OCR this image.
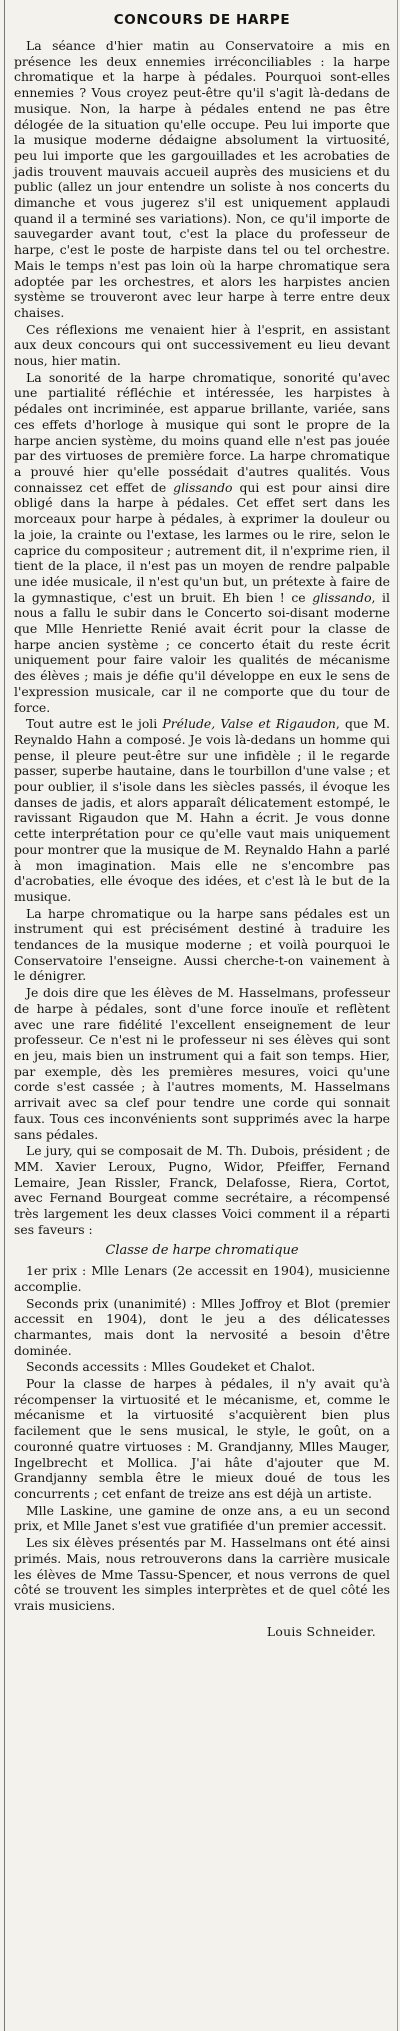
CONCOURS DE HARPE

La séance d'hier matin au Conservatoire a mis en présence les deux ennemies irréconciliables : la harpe chromatique et la harpe à pédales. Pourquoi sont-elles ennemies ? Vous croyez peut-être qu'il s'agit là-dedans de musique. Non, la harpe à pédales entend ne pas être délogée de la situation qu'elle occupe. Peu lui importe que la musique moderne dédaigne absolument la virtuosité, peu lui importe que les gargouillades et les acrobaties de jadis trouvent mauvais accueil auprès des musiciens et du public (allez un jour entendre un soliste à nos concerts du dimanche et vous jugerez s'il est uniquement applaudi quand il a terminé ses variations). Non, ce qu'il importe de sauvegarder avant tout, c'est la place du professeur de harpe, c'est le poste de harpiste dans tel ou tel orchestre. Mais le temps n'est pas loin où la harpe chromatique sera adoptée par les orchestres, et alors les harpistes ancien système se trouveront avec leur harpe à terre entre deux chaises.

Ces réflexions me venaient hier à l'esprit, en assistant aux deux concours qui ont successivement eu lieu devant nous, hier matin.

La sonorité de la harpe chromatique, sonorité qu'avec une partialité réfléchie et intéressée, les harpistes à pédales ont incriminée, est apparue brillante, variée, sans ces effets d'horloge à musique qui sont le propre de la harpe ancien système, du moins quand elle n'est pas jouée par des virtuoses de première force. La harpe chromatique a prouvé hier qu'elle possédait d'autres qualités. Vous connaissez cet effet de glissando qui est pour ainsi dire obligé dans la harpe à pédales. Cet effet sert dans les morceaux pour harpe à pédales, à exprimer la douleur ou la joie, la crainte ou l'extase, les larmes ou le rire, selon le caprice du compositeur ; autrement dit, il n'exprime rien, il tient de la place, il n'est pas un moyen de rendre palpable une idée musicale, il n'est qu'un but, un prétexte à faire de la gymnastique, c'est un bruit. Eh bien ! ce glissando, il nous a fallu le subir dans le Concerto soi-disant moderne que Mlle Henriette Renié avait écrit pour la classe de harpe ancien système ; ce concerto était du reste écrit uniquement pour faire valoir les qualités de mécanisme des élèves ; mais je défie qu'il développe en eux le sens de l'expression musicale, car il ne comporte que du tour de force.

Tout autre est le joli Prélude, Valse et Rigaudon, que M. Reynaldo Hahn a composé. Je vois là-dedans un homme qui pense, il pleure peut-être sur une infidèle ; il le regarde passer, superbe hautaine, dans le tourbillon d'une valse ; et pour oublier, il s'isole dans les siècles passés, il évoque les danses de jadis, et alors apparaît délicatement estompé, le ravissant Rigaudon que M. Hahn a écrit. Je vous donne cette interprétation pour ce qu'elle vaut mais uniquement pour montrer que la musique de M. Reynaldo Hahn a parlé à mon imagination. Mais elle ne s'encombre pas d'acrobaties, elle évoque des idées, et c'est là le but de la musique.

La harpe chromatique ou la harpe sans pédales est un instrument qui est précisément destiné à traduire les tendances de la musique moderne ; et voilà pourquoi le Conservatoire l'enseigne. Aussi cherche-t-on vainement à le dénigrer.

Je dois dire que les élèves de M. Hasselmans, professeur de harpe à pédales, sont d'une force inouïe et reflètent avec une rare fidélité l'excellent enseignement de leur professeur. Ce n'est ni le professeur ni ses élèves qui sont en jeu, mais bien un instrument qui a fait son temps. Hier, par exemple, dès les premières mesures, voici qu'une corde s'est cassée ; à l'autres moments, M. Hasselmans arrivait avec sa clef pour tendre une corde qui sonnait faux. Tous ces inconvénients sont supprimés avec la harpe sans pédales.

Le jury, qui se composait de M. Th. Dubois, président ; de MM. Xavier Leroux, Pugno, Widor, Pfeiffer, Fernand Lemaire, Jean Rissler, Franck, Delafosse, Riera, Cortot, avec Fernand Bourgeat comme secrétaire, a récompensé très largement les deux classes Voici comment il a réparti ses faveurs :

Classe de harpe chromatique

1er prix : Mlle Lenars (2e accessit en 1904), musicienne accomplie.

Seconds prix (unanimité) : Mlles Joffroy et Blot (premier accessit en 1904), dont le jeu a des délicatesses charmantes, mais dont la nervosité a besoin d'être dominée.

Seconds accessits : Mlles Goudeket et Chalot.

Pour la classe de harpes à pédales, il n'y avait qu'à récompenser la virtuosité et le mécanisme, et, comme le mécanisme et la virtuosité s'acquièrent bien plus facilement que le sens musical, le style, le goût, on a couronné quatre virtuoses : M. Grandjanny, Mlles Mauger, Ingelbrecht et Mollica. J'ai hâte d'ajouter que M. Grandjanny sembla être le mieux doué de tous les concurrents ; cet enfant de treize ans est déjà un artiste.

Mlle Laskine, une gamine de onze ans, a eu un second prix, et Mlle Janet s'est vue gratifiée d'un premier accessit.

Les six élèves présentés par M. Hasselmans ont été ainsi primés. Mais, nous retrouverons dans la carrière musicale les élèves de Mme Tassu-Spencer, et nous verrons de quel côté se trouvent les simples interprètes et de quel côté les vrais musiciens.

Louis Schneider.
